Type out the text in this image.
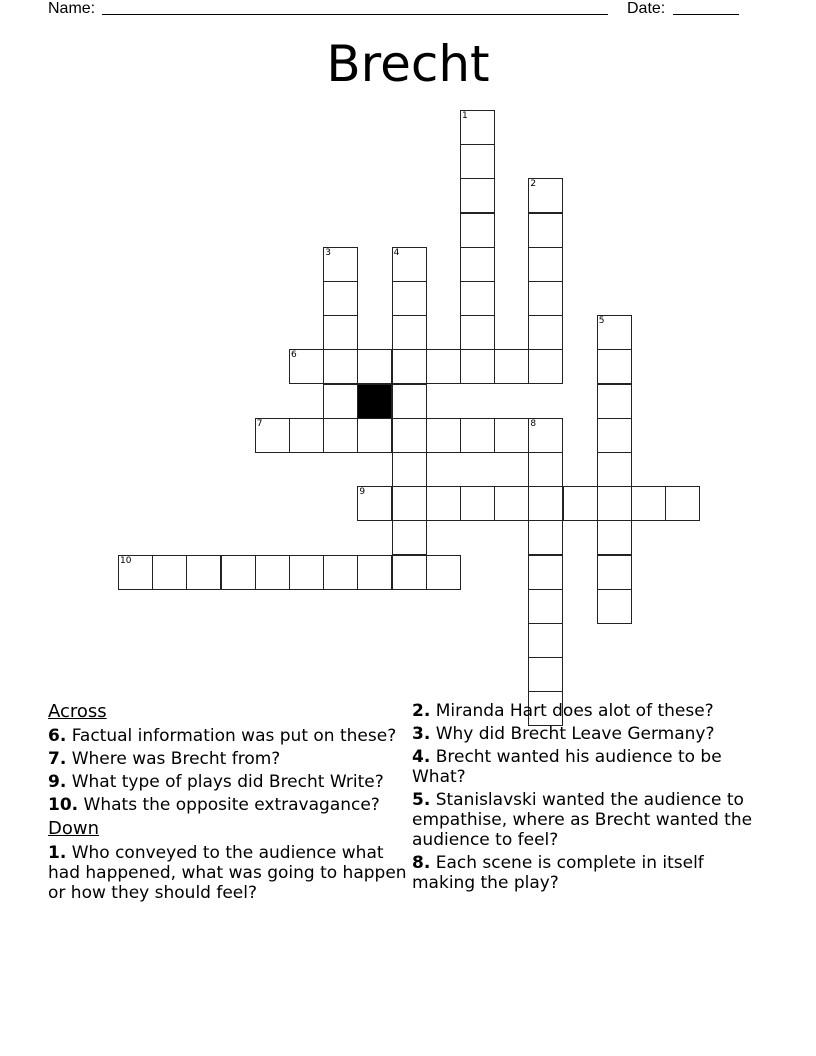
Name:	Date:
Brecht
1
2
3	4
5
6
7	8
9
10
Across
6. Factual information was put on these?
7. Where was Brecht from?
9. What type of plays did Brecht Write?
10. Whats the opposite extravagance?
Down
1. Who conveyed to the audience what had happened, what was going to happen or how they should feel?
2. Miranda Hart does alot of these?
3. Why did Brecht Leave Germany?
4. Brecht wanted his audience to be What?
5. Stanislavski wanted the audience to empathise, where as Brecht wanted the audience to feel?
8. Each scene is complete in itself making the play?
